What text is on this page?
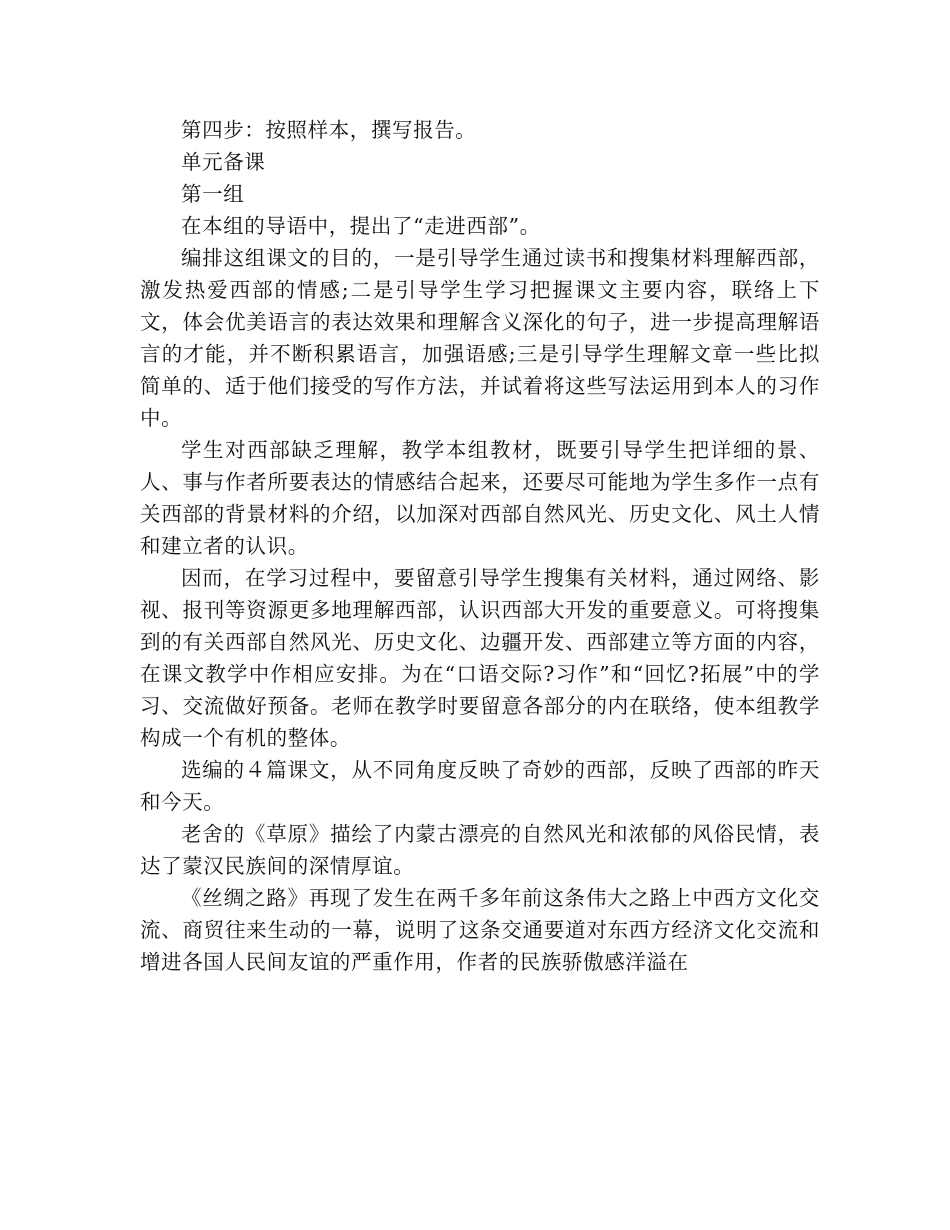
第四步：按照样本，撰写报告。

单元备课

第一组

在本组的导语中，提出了“走进西部”。

编排这组课文的目的，一是引导学生通过读书和搜集材料理解西部，激发热爱西部的情感;二是引导学生学习把握课文主要内容，联络上下文，体会优美语言的表达效果和理解含义深化的句子，进一步提高理解语言的才能，并不断积累语言，加强语感;三是引导学生理解文章一些比拟简单的、适于他们接受的写作方法，并试着将这些写法运用到本人的习作中。

学生对西部缺乏理解，教学本组教材，既要引导学生把详细的景、人、事与作者所要表达的情感结合起来，还要尽可能地为学生多作一点有关西部的背景材料的介绍，以加深对西部自然风光、历史文化、风土人情和建立者的认识。

因而，在学习过程中，要留意引导学生搜集有关材料，通过网络、影视、报刊等资源更多地理解西部，认识西部大开发的重要意义。可将搜集到的有关西部自然风光、历史文化、边疆开发、西部建立等方面的内容，在课文教学中作相应安排。为在“口语交际?习作”和“回忆?拓展”中的学习、交流做好预备。老师在教学时要留意各部分的内在联络，使本组教学构成一个有机的整体。

选编的４篇课文，从不同角度反映了奇妙的西部，反映了西部的昨天和今天。

老舍的《草原》描绘了内蒙古漂亮的自然风光和浓郁的风俗民情，表达了蒙汉民族间的深情厚谊。

《丝绸之路》再现了发生在两千多年前这条伟大之路上中西方文化交流、商贸往来生动的一幕，说明了这条交通要道对东西方经济文化交流和增进各国人民间友谊的严重作用，作者的民族骄傲感洋溢在
